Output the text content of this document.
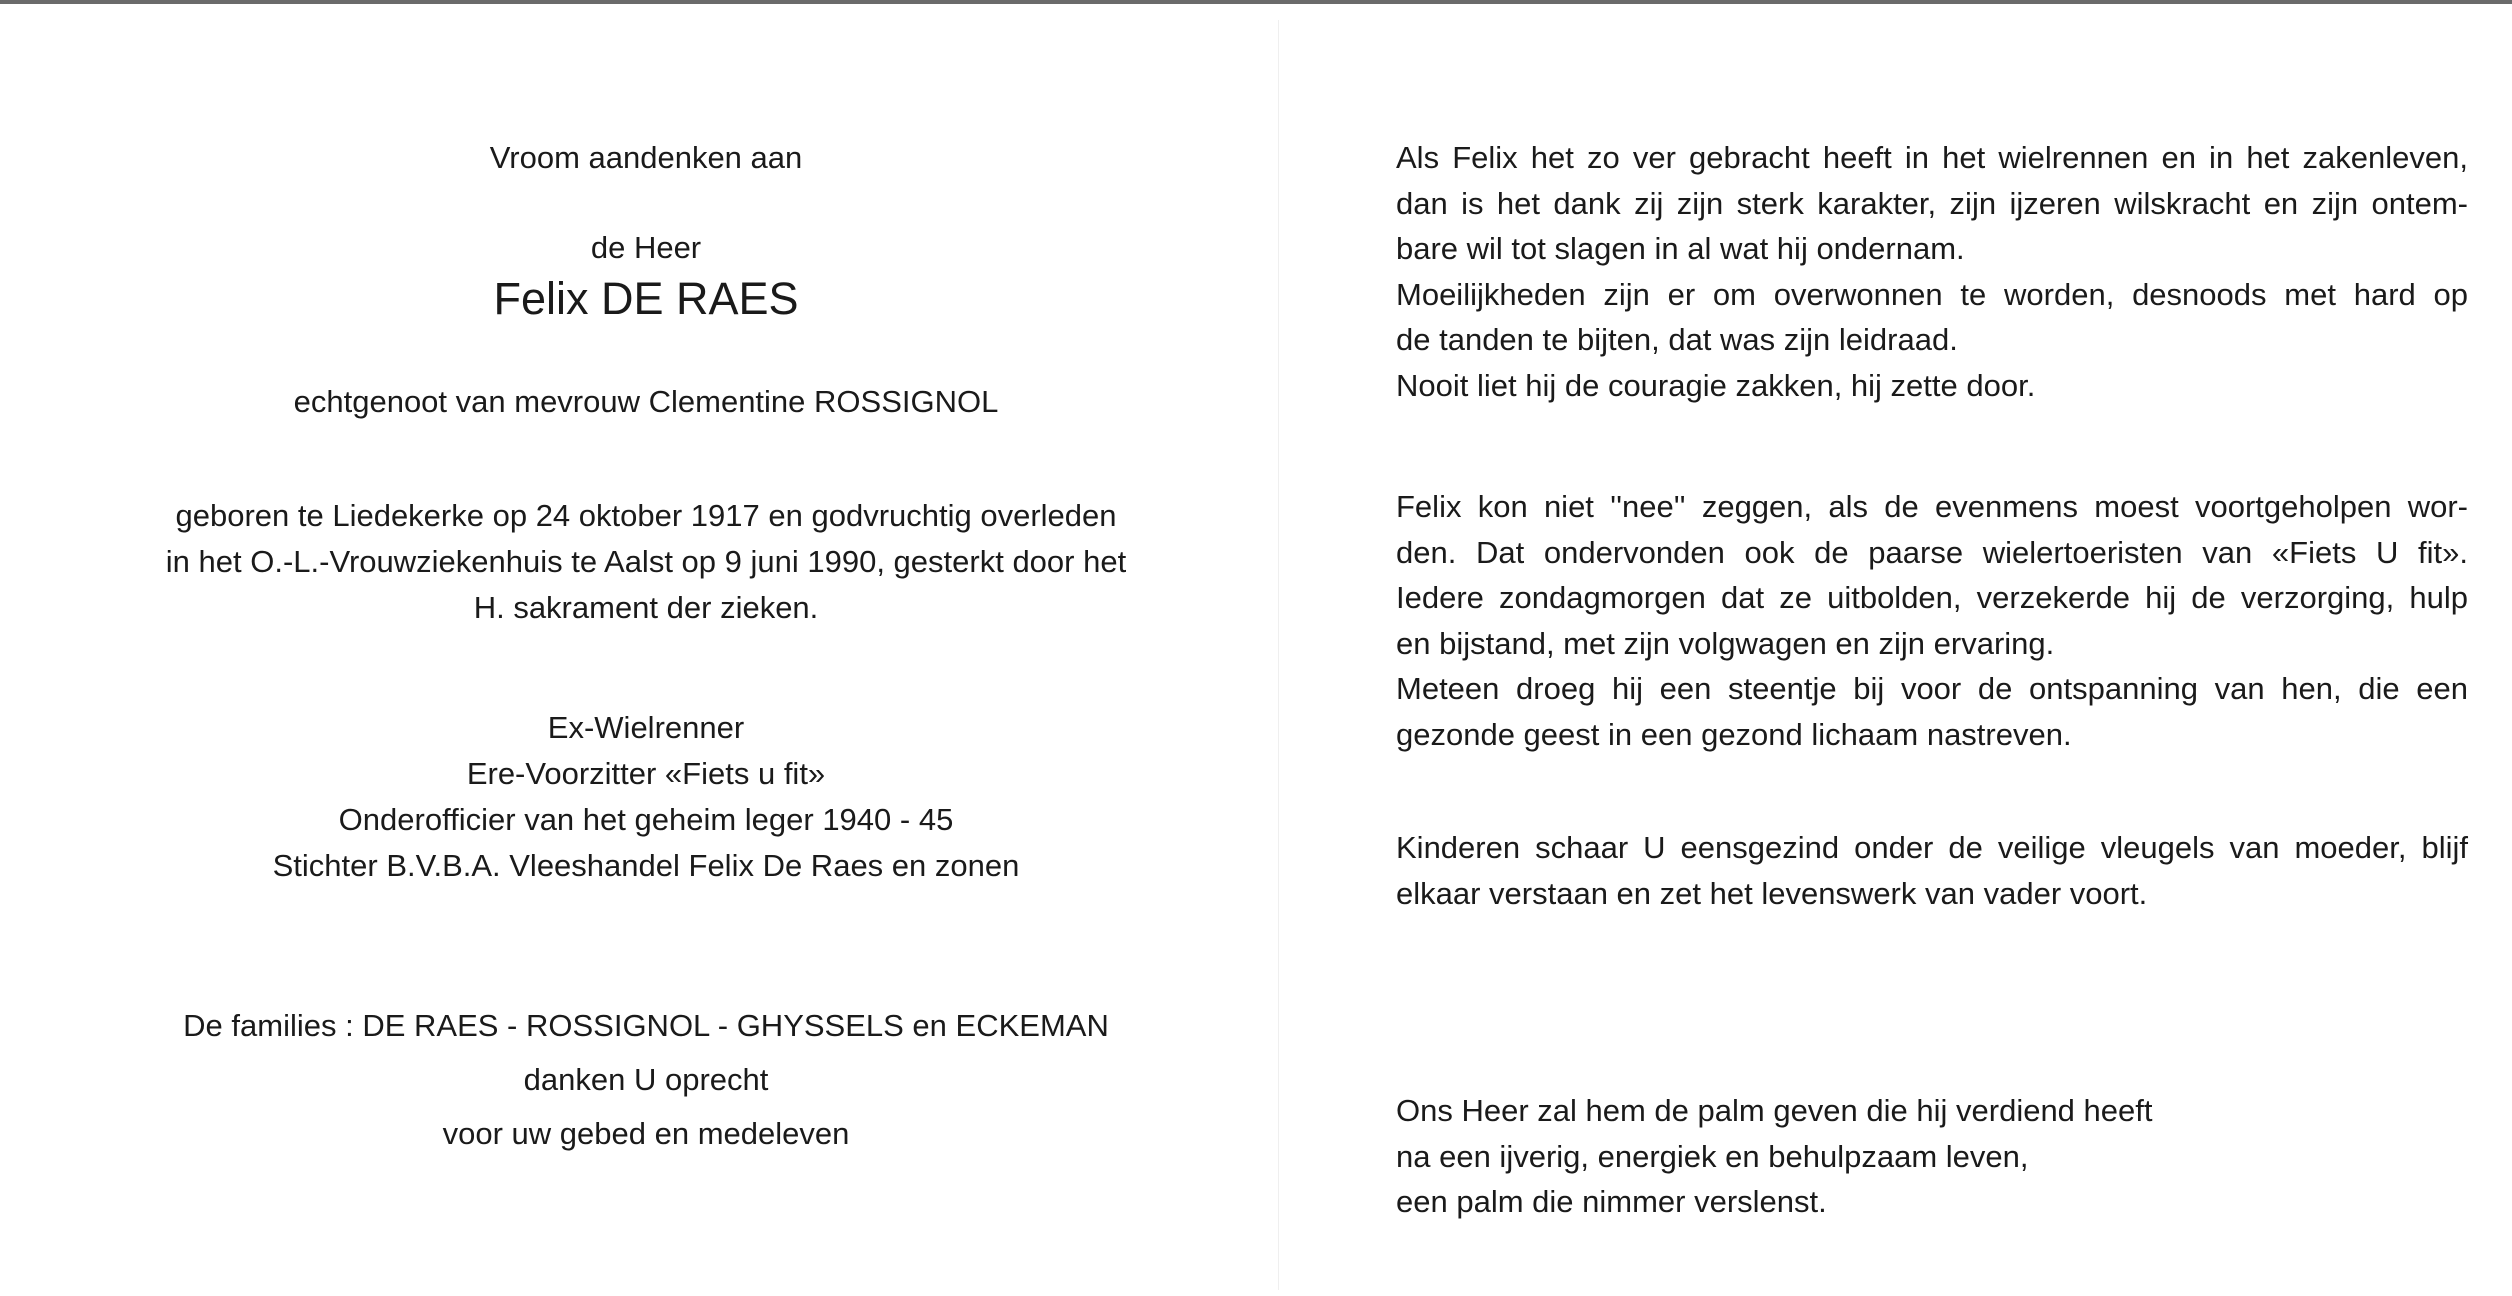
Vroom aandenken aan

de Heer

Felix DE RAES

echtgenoot van mevrouw Clementine ROSSIGNOL

geboren te Liedekerke op 24 oktober 1917 en godvruchtig overleden

in het O.-L.-Vrouwziekenhuis te Aalst op 9 juni 1990, gesterkt door het

H. sakrament der zieken.

Ex-Wielrenner

Ere-Voorzitter «Fiets u fit»

Onderofficier van het geheim leger 1940 - 45

Stichter B.V.B.A. Vleeshandel Felix De Raes en zonen

De families : DE RAES - ROSSIGNOL - GHYSSELS en ECKEMAN

danken U oprecht

voor uw gebed en medeleven

Als Felix het zo ver gebracht heeft in het wielrennen en in het zakenleven,
dan is het dank zij zijn sterk karakter, zijn ijzeren wilskracht en zijn ontem-
bare wil tot slagen in al wat hij ondernam.
Moeilijkheden zijn er om overwonnen te worden, desnoods met hard op
de tanden te bijten, dat was zijn leidraad.
Nooit liet hij de couragie zakken, hij zette door.
Felix kon niet ''nee'' zeggen, als de evenmens moest voortgeholpen wor-
den. Dat ondervonden ook de paarse wielertoeristen van «Fiets U fit».
Iedere zondagmorgen dat ze uitbolden, verzekerde hij de verzorging, hulp
en bijstand, met zijn volgwagen en zijn ervaring.
Meteen droeg hij een steentje bij voor de ontspanning van hen, die een
gezonde geest in een gezond lichaam nastreven.
Kinderen schaar U eensgezind onder de veilige vleugels van moeder, blijf
elkaar verstaan en zet het levenswerk van vader voort.
Ons Heer zal hem de palm geven die hij verdiend heeft
na een ijverig, energiek en behulpzaam leven,
een palm die nimmer verslenst.
